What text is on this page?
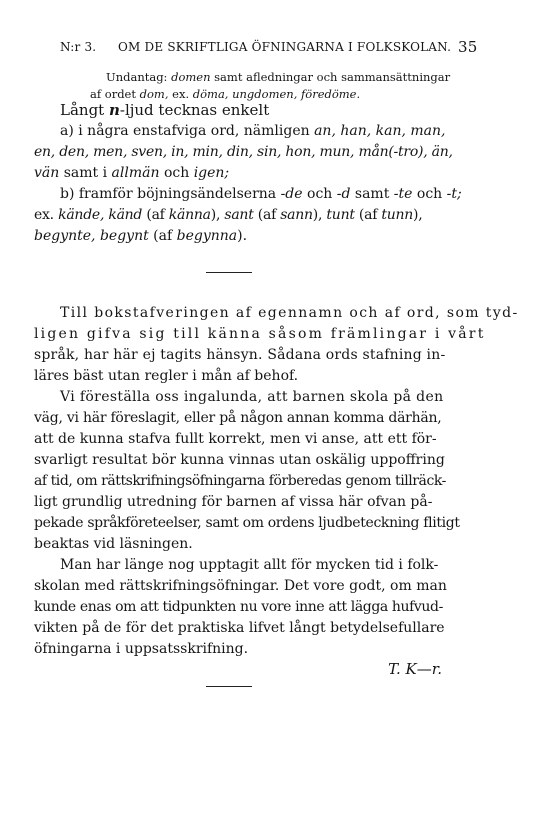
N:r 3. OM DE SKRIFTLIGA ÖFNINGARNA I FOLKSKOLAN. 35
Undantag: domen samt afledningar och sammansättningar
af ordet dom, ex. döma, ungdomen, föredöme.
Långt n-ljud tecknas enkelt
a) i några enstafviga ord, nämligen an, han, kan, man,
en, den, men, sven, in, min, din, sin, hon, mun, mån(-tro), än,
vän samt i allmän och igen;
b) framför böjningsändelserna -de och -d samt -te och -t;
ex. kände, känd (af känna), sant (af sann), tunt (af tunn),
begynte, begynt (af begynna).
Till bokstafveringen af egennamn och af ord, som tyd-
ligen gifva sig till känna såsom främlingar i vårt
språk, har här ej tagits hänsyn. Sådana ords stafning in-
läres bäst utan regler i mån af behof.
Vi föreställa oss ingalunda, att barnen skola på den
väg, vi här föreslagit, eller på någon annan komma därhän,
att de kunna stafva fullt korrekt, men vi anse, att ett för-
svarligt resultat bör kunna vinnas utan oskälig uppoffring
af tid, om rättskrifningsöfningarna förberedas genom tillräck-
ligt grundlig utredning för barnen af vissa här ofvan på-
pekade språkföreteelser, samt om ordens ljudbeteckning flitigt
beaktas vid läsningen.
Man har länge nog upptagit allt för mycken tid i folk-
skolan med rättskrifningsöfningar. Det vore godt, om man
kunde enas om att tidpunkten nu vore inne att lägga hufvud-
vikten på de för det praktiska lifvet långt betydelsefullare
öfningarna i uppsatsskrifning.
T. K—r.
